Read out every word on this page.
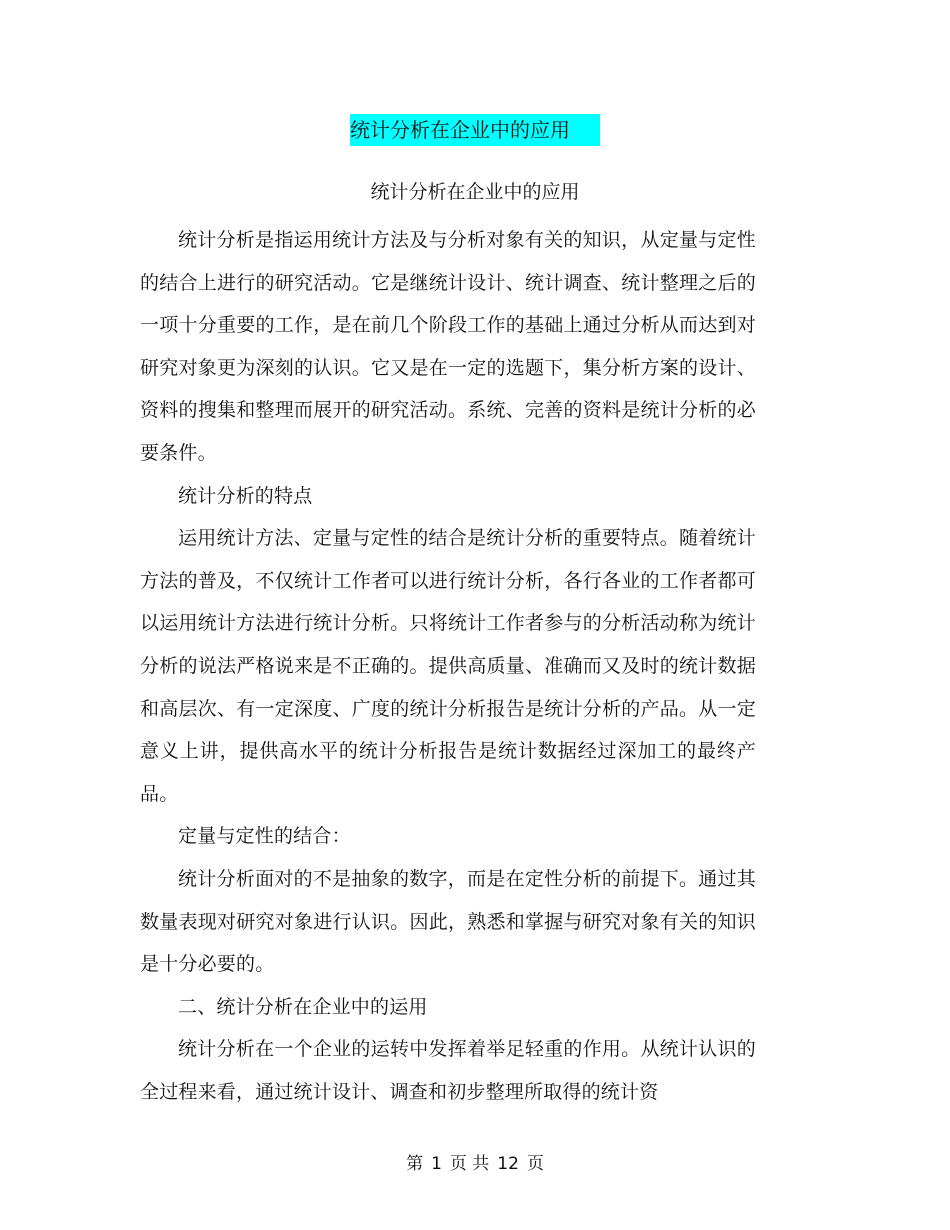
统计分析在企业中的应用
统计分析在企业中的应用

统计分析是指运用统计方法及与分析对象有关的知识，从定量与定性的结合上进行的研究活动。它是继统计设计、统计调查、统计整理之后的一项十分重要的工作，是在前几个阶段工作的基础上通过分析从而达到对研究对象更为深刻的认识。它又是在一定的选题下，集分析方案的设计、资料的搜集和整理而展开的研究活动。系统、完善的资料是统计分析的必要条件。

统计分析的特点

运用统计方法、定量与定性的结合是统计分析的重要特点。随着统计方法的普及，不仅统计工作者可以进行统计分析，各行各业的工作者都可以运用统计方法进行统计分析。只将统计工作者参与的分析活动称为统计分析的说法严格说来是不正确的。提供高质量、准确而又及时的统计数据和高层次、有一定深度、广度的统计分析报告是统计分析的产品。从一定意义上讲，提供高水平的统计分析报告是统计数据经过深加工的最终产品。

定量与定性的结合：

统计分析面对的不是抽象的数字，而是在定性分析的前提下。通过其数量表现对研究对象进行认识。因此，熟悉和掌握与研究对象有关的知识是十分必要的。

二、统计分析在企业中的运用

统计分析在一个企业的运转中发挥着举足轻重的作用。从统计认识的全过程来看，通过统计设计、调查和初步整理所取得的统计资

第 1 页 共 12 页
